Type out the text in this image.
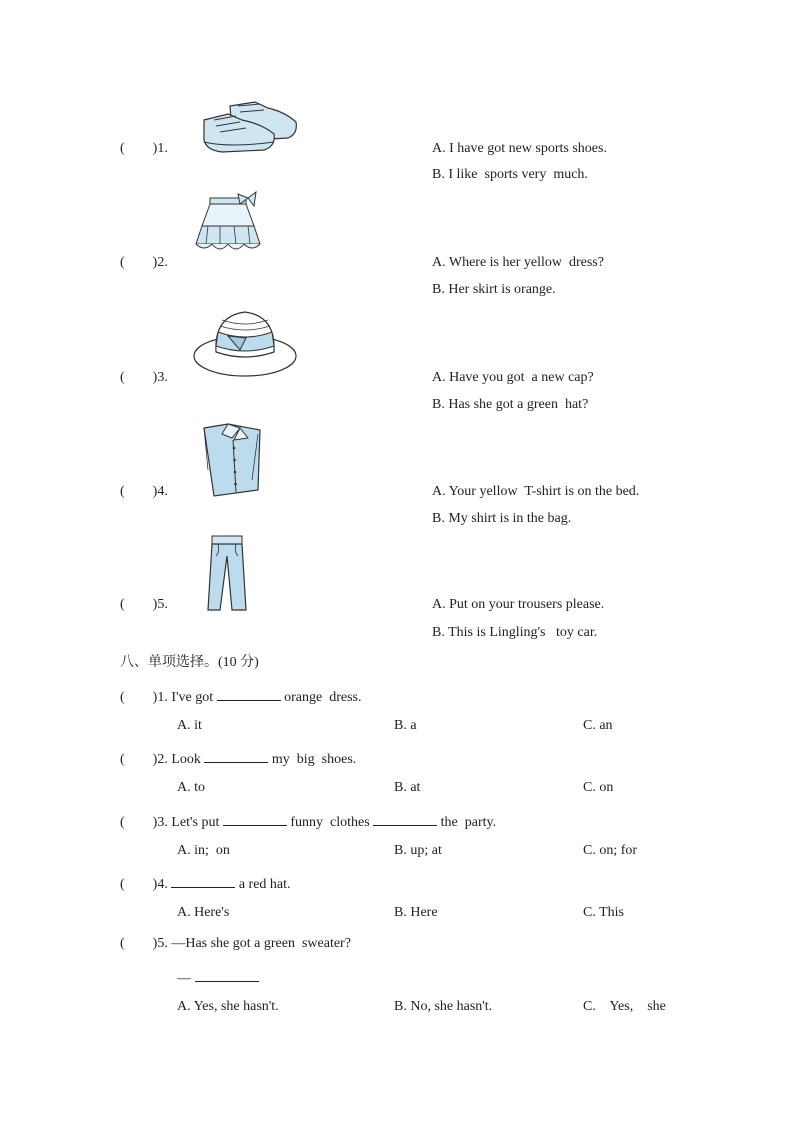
(        )1.	A. I have got new sports shoes.
B. I like  sports very  much.
(        )2.	A. Where is her yellow  dress?
B. Her skirt is orange.
(        )3.	A. Have you got  a new cap?
B. Has she got a green  hat?
(        )4.	A. Your yellow  T-shirt is on the bed.
B. My shirt is in the bag.
(        )5.	A. Put on your trousers please.
B. This is Lingling's   toy car.
八、单项选择。(10 分)
(        )1. I've got	orange  dress.
A. it	B. a	C. an
(        )2. Look	my  big  shoes.
A. to	B. at	C. on
(        )3. Let's put	funny  clothes	the  party.
A. in;  on	B. up; at	C. on; for
(        )4.	a red hat.
A. Here's	B. Here	C. This
(        )5. —Has she got a green  sweater?
—
A. Yes, she hasn't.	B. No, she hasn't.	C.    Yes,    she
